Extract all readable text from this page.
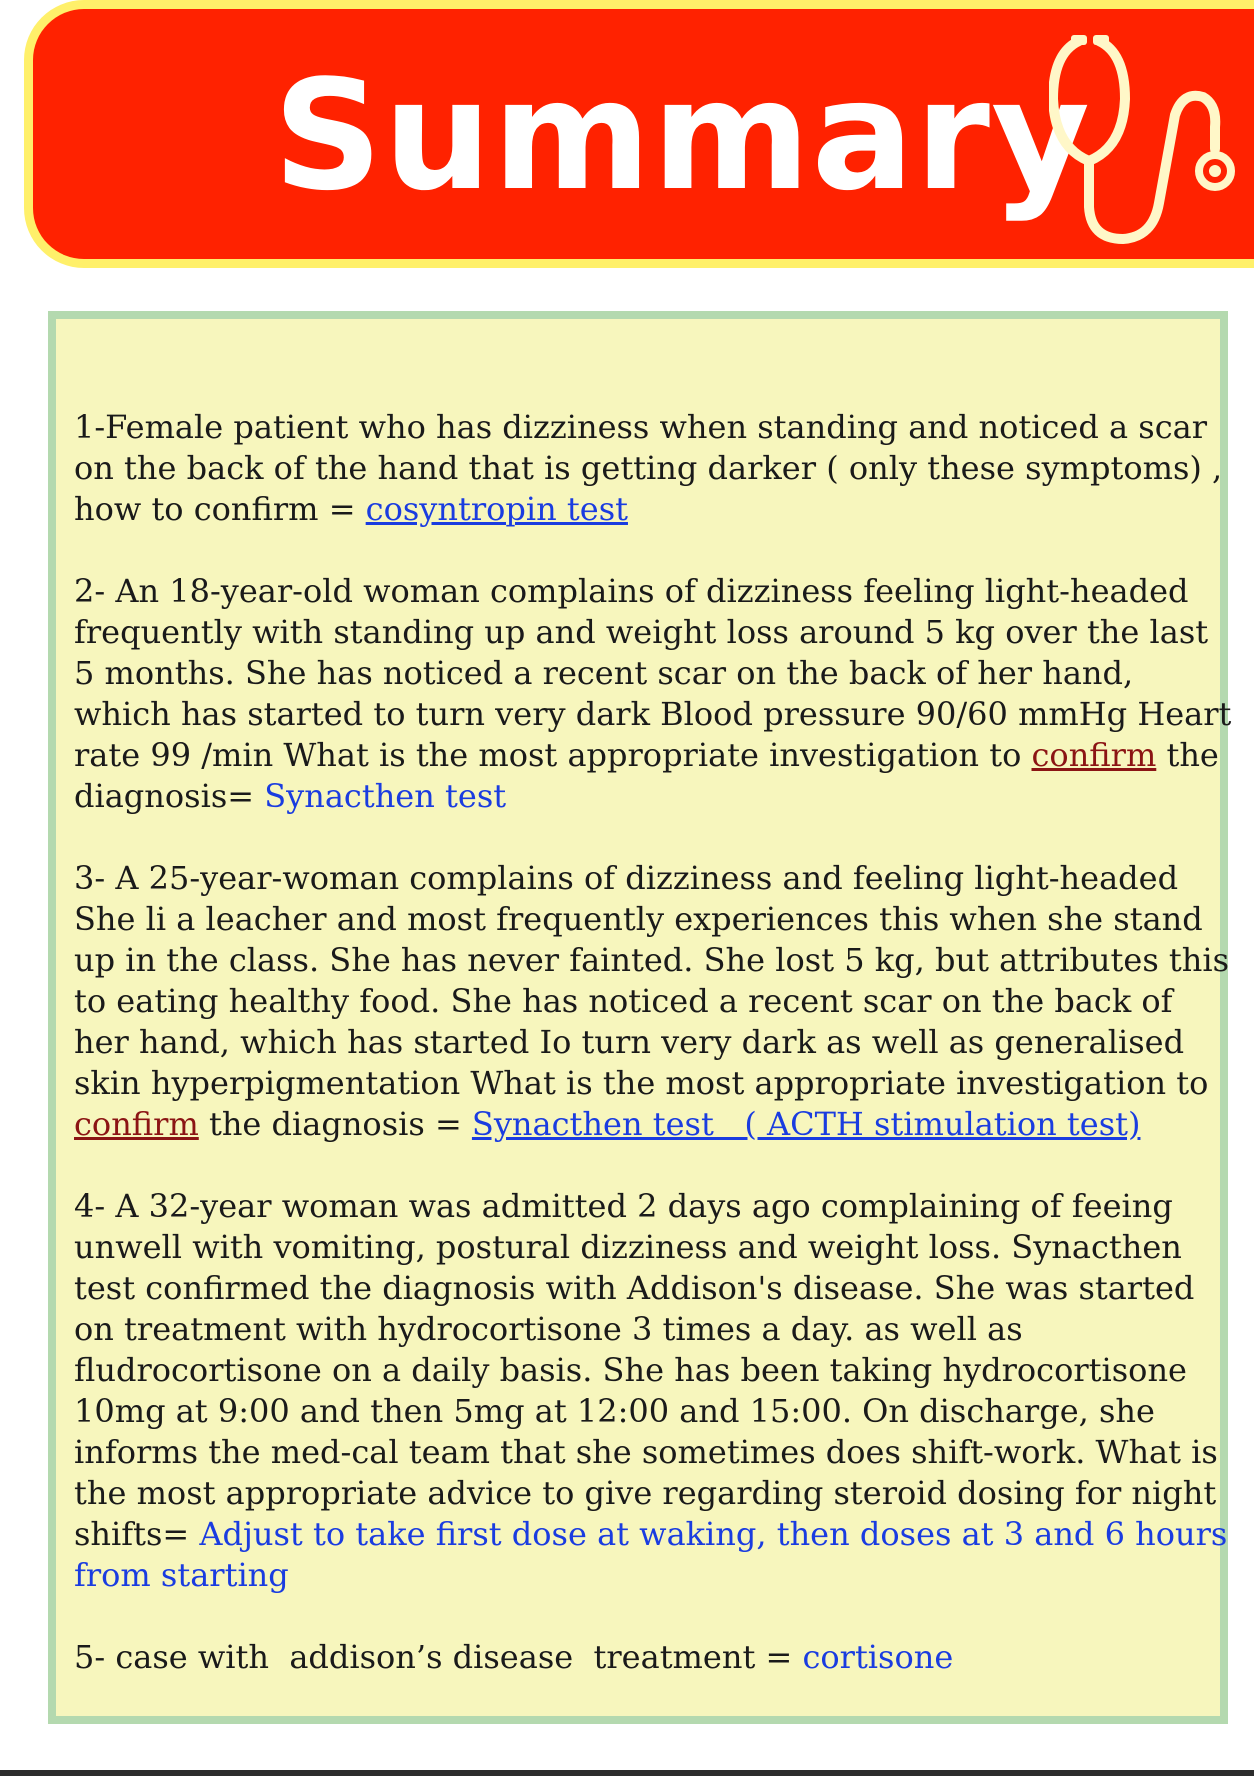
Summary

1-Female patient who has dizziness when standing and noticed a scar on the back of the hand that is getting darker ( only these symptoms) , how to confirm = cosyntropin test

2- An 18-year-old woman complains of dizziness feeling light-headed frequently with standing up and weight loss around 5 kg over the last 5 months. She has noticed a recent scar on the back of her hand, which has started to turn very dark Blood pressure 90/60 mmHg Heart rate 99 /min What is the most appropriate investigation to confirm the diagnosis= Synacthen test

3- A 25-year-woman complains of dizziness and feeling light-headed She li a leacher and most frequently experiences this when she stand up in the class. She has never fainted. She lost 5 kg, but attributes this to eating healthy food. She has noticed a recent scar on the back of her hand, which has started Io turn very dark as well as generalised skin hyperpigmentation What is the most appropriate investigation to confirm the diagnosis = Synacthen test   ( ACTH stimulation test)

4- A 32-year woman was admitted 2 days ago complaining of feeing unwell with vomiting, postural dizziness and weight loss. Synacthen test confirmed the diagnosis with Addison's disease. She was started on treatment with hydrocortisone 3 times a day. as well as fludrocortisone on a daily basis. She has been taking hydrocortisone 10mg at 9:00 and then 5mg at 12:00 and 15:00. On discharge, she informs the med-cal team that she sometimes does shift-work. What is the most appropriate advice to give regarding steroid dosing for night shifts= Adjust to take first dose at waking, then doses at 3 and 6 hours from starting

5- case with  addison’s disease  treatment = cortisone
